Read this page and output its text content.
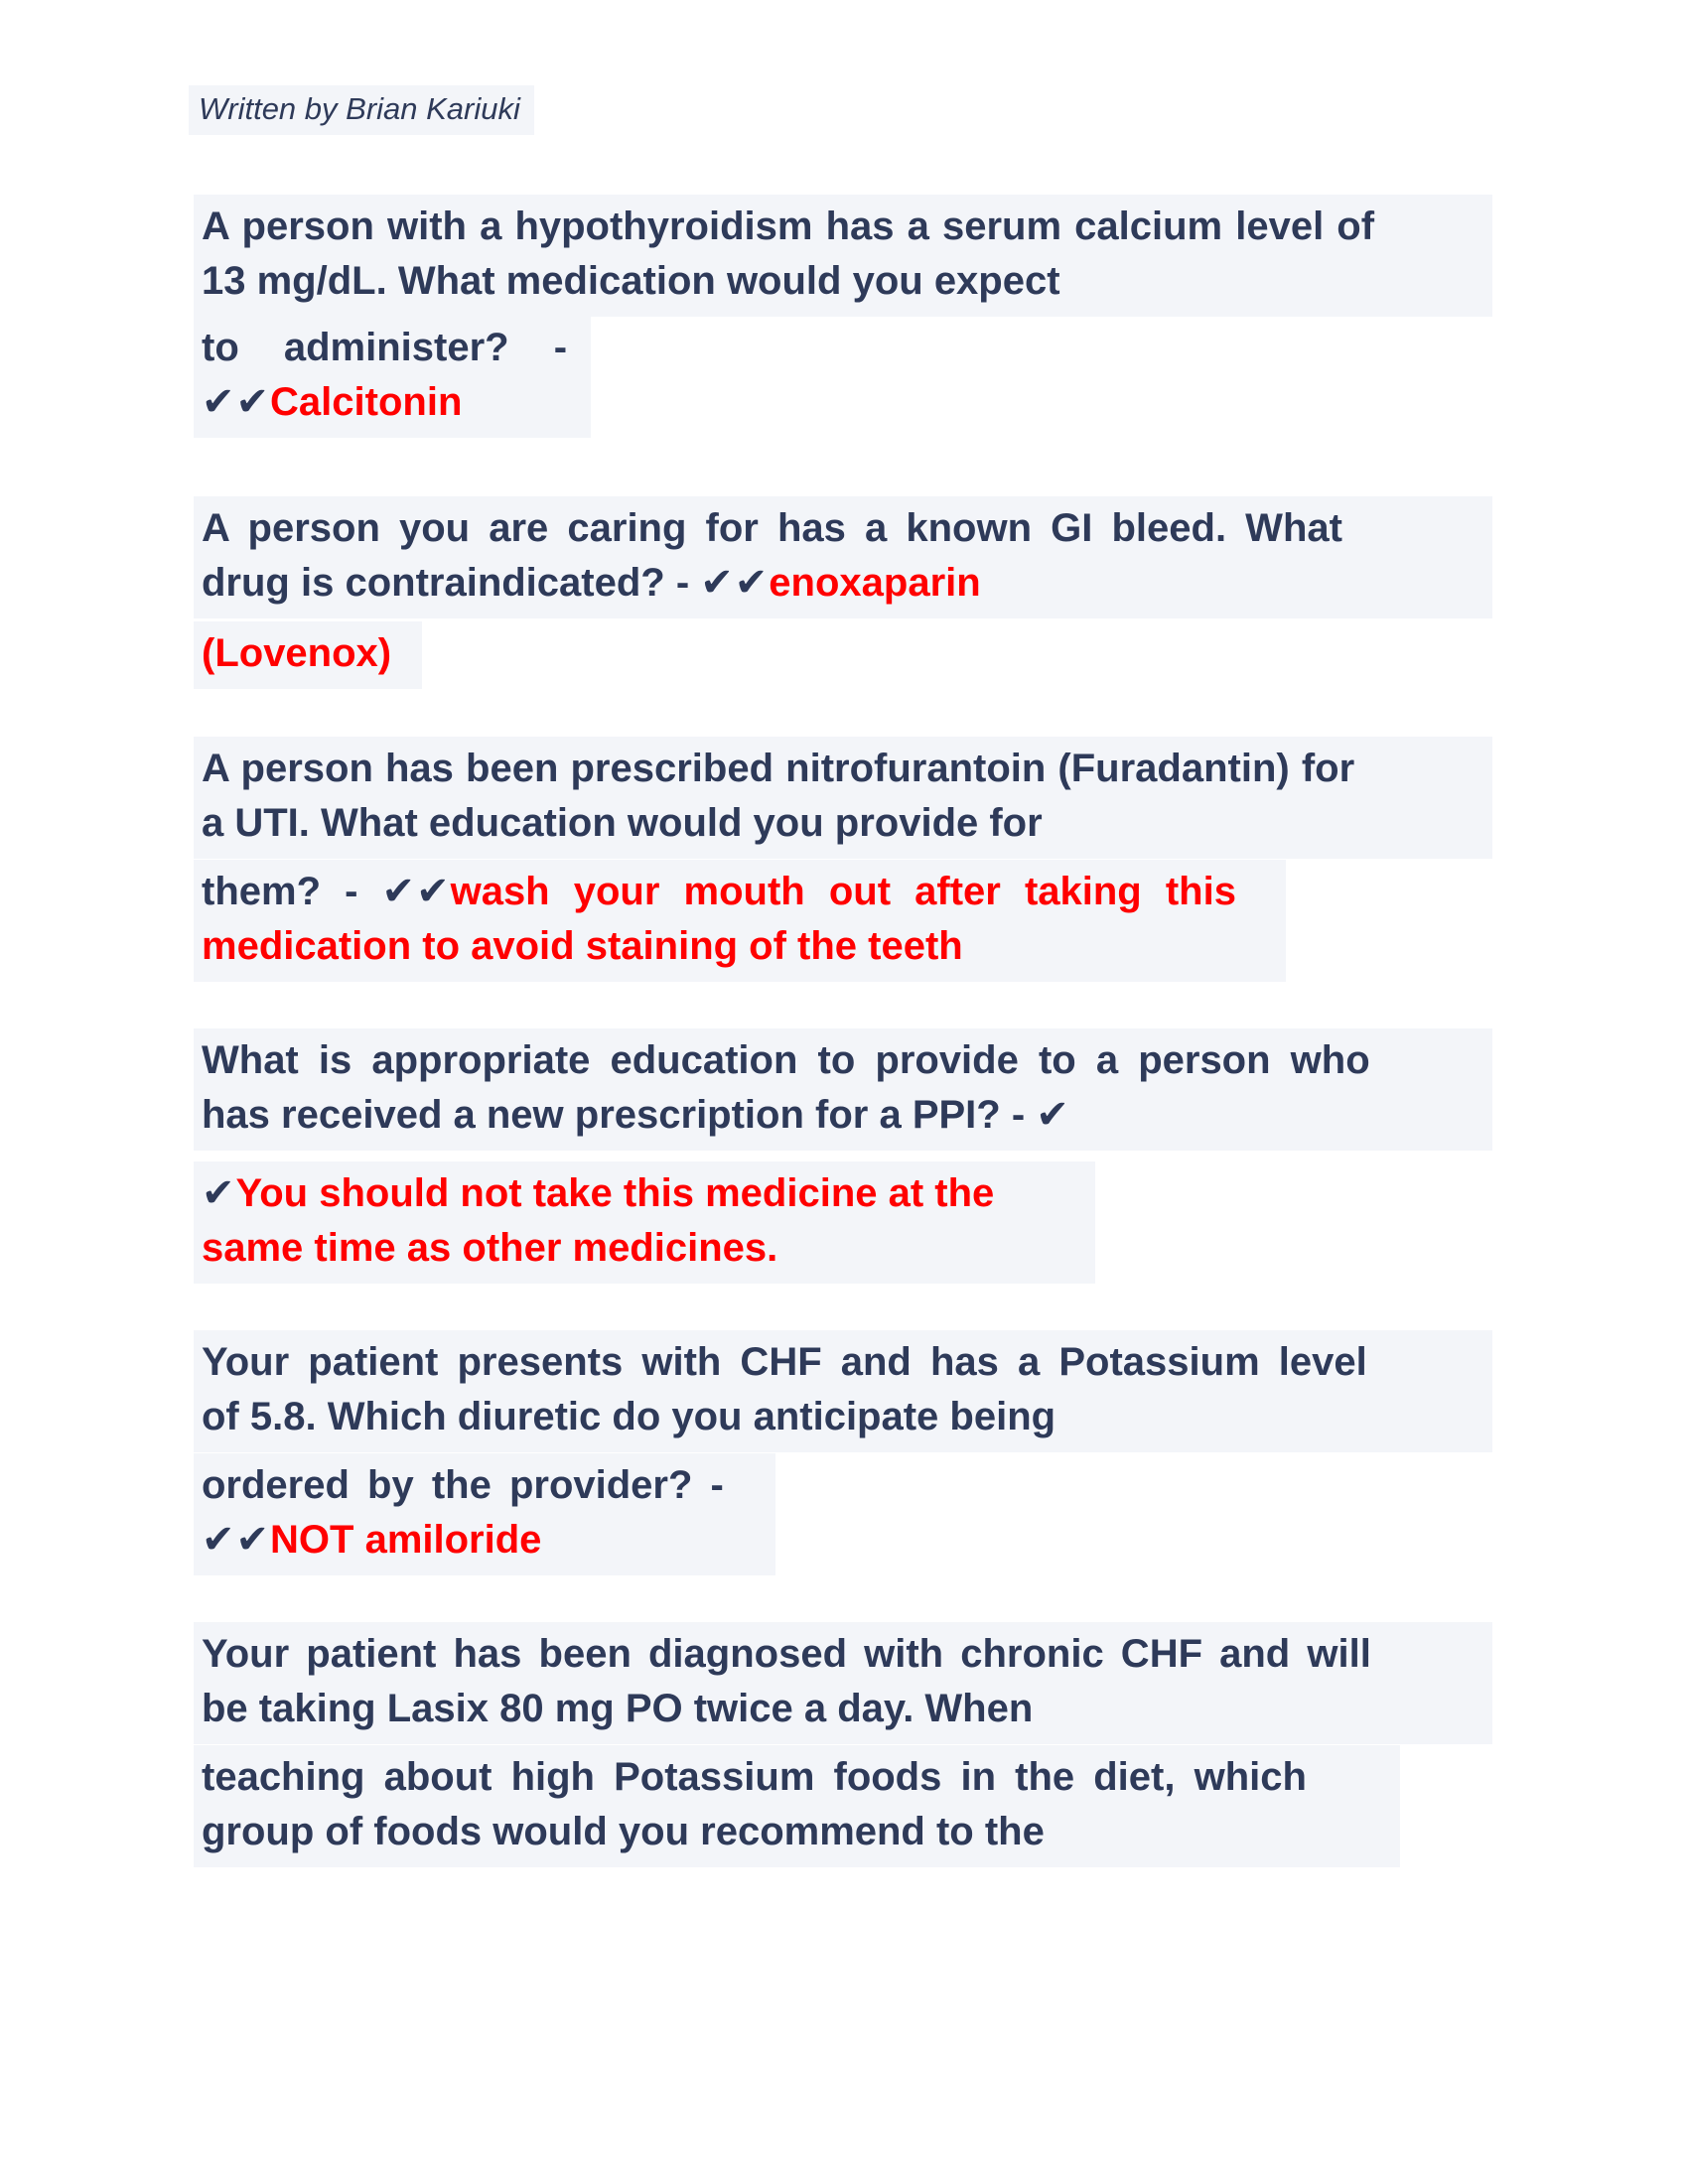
Written by Brian Kariuki
A person with a hypothyroidism has a serum calcium level of
13 mg/dL. What medication would you expect
to administer? -
✔✔Calcitonin
A person you are caring for has a known GI bleed. What
drug is contraindicated? - ✔✔enoxaparin
(Lovenox)
A person has been prescribed nitrofurantoin (Furadantin) for
a UTI. What education would you provide for
them? - ✔✔wash your mouth out after taking this
medication to avoid staining of the teeth
What is appropriate education to provide to a person who
has received a new prescription for a PPI? - ✔
✔You should not take this medicine at the
same time as other medicines.
Your patient presents with CHF and has a Potassium level
of 5.8. Which diuretic do you anticipate being
ordered by the provider? -
✔✔NOT amiloride
Your patient has been diagnosed with chronic CHF and will
be taking Lasix 80 mg PO twice a day. When
teaching about high Potassium foods in the diet, which
group of foods would you recommend to the
